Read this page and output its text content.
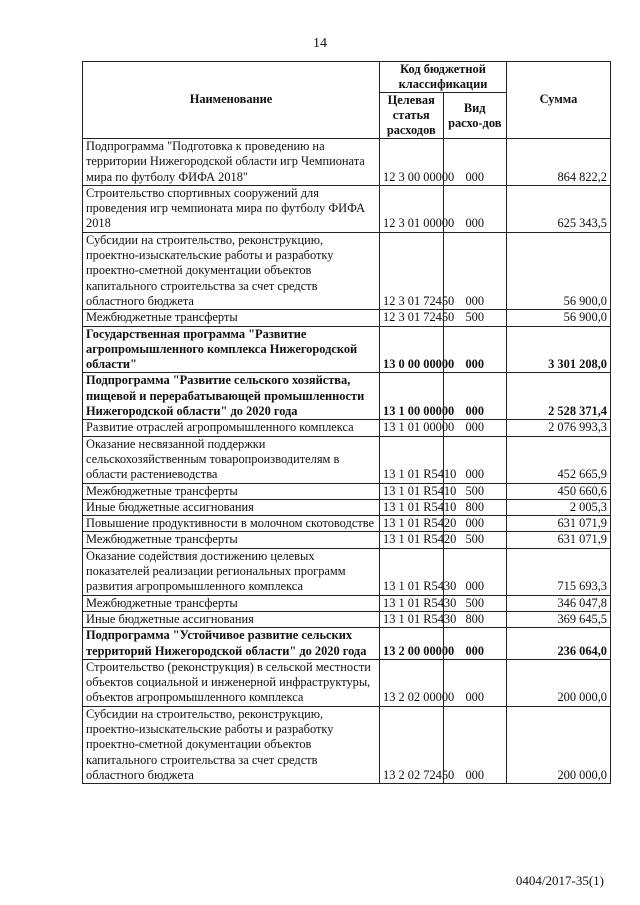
14
Наименование	Код бюджетной классификации		Сумма
	Целевая статья расходов	Вид расхо-дов	
Подпрограмма "Подготовка к проведению на территории Нижегородской области игр Чемпионата мира по футболу ФИФА 2018"	12 3 00 00000	000	864 822,2
Строительство спортивных сооружений для проведения игр чемпионата мира по футболу ФИФА 2018	12 3 01 00000	000	625 343,5
Субсидии на строительство, реконструкцию, проектно-изыскательские работы и разработку проектно-сметной документации объектов капитального строительства за счет средств областного бюджета	12 3 01 72450	000	56 900,0
Межбюджетные трансферты	12 3 01 72450	500	56 900,0
Государственная программа "Развитие агропромышленного комплекса Нижегородской области"	13 0 00 00000	000	3 301 208,0
Подпрограмма "Развитие сельского хозяйства, пищевой и перерабатывающей промышленности Нижегородской области" до 2020 года	13 1 00 00000	000	2 528 371,4
Развитие отраслей агропромышленного комплекса	13 1 01 00000	000	2 076 993,3
Оказание несвязанной поддержки сельскохозяйственным товаропроизводителям в области растениеводства	13 1 01 R5410	000	452 665,9
Межбюджетные трансферты	13 1 01 R5410	500	450 660,6
Иные бюджетные ассигнования	13 1 01 R5410	800	2 005,3
Повышение продуктивности в молочном скотоводстве	13 1 01 R5420	000	631 071,9
Межбюджетные трансферты	13 1 01 R5420	500	631 071,9
Оказание содействия достижению целевых показателей реализации региональных программ развития агропромышленного комплекса	13 1 01 R5430	000	715 693,3
Межбюджетные трансферты	13 1 01 R5430	500	346 047,8
Иные бюджетные ассигнования	13 1 01 R5430	800	369 645,5
Подпрограмма "Устойчивое развитие сельских территорий Нижегородской области" до 2020 года	13 2 00 00000	000	236 064,0
Строительство (реконструкция) в сельской местности объектов социальной и инженерной инфраструктуры, объектов агропромышленного комплекса	13 2 02 00000	000	200 000,0
Субсидии на строительство, реконструкцию, проектно-изыскательские работы и разработку проектно-сметной документации объектов капитального строительства за счет средств областного бюджета	13 2 02 72450	000	200 000,0
0404/2017-35(1)
